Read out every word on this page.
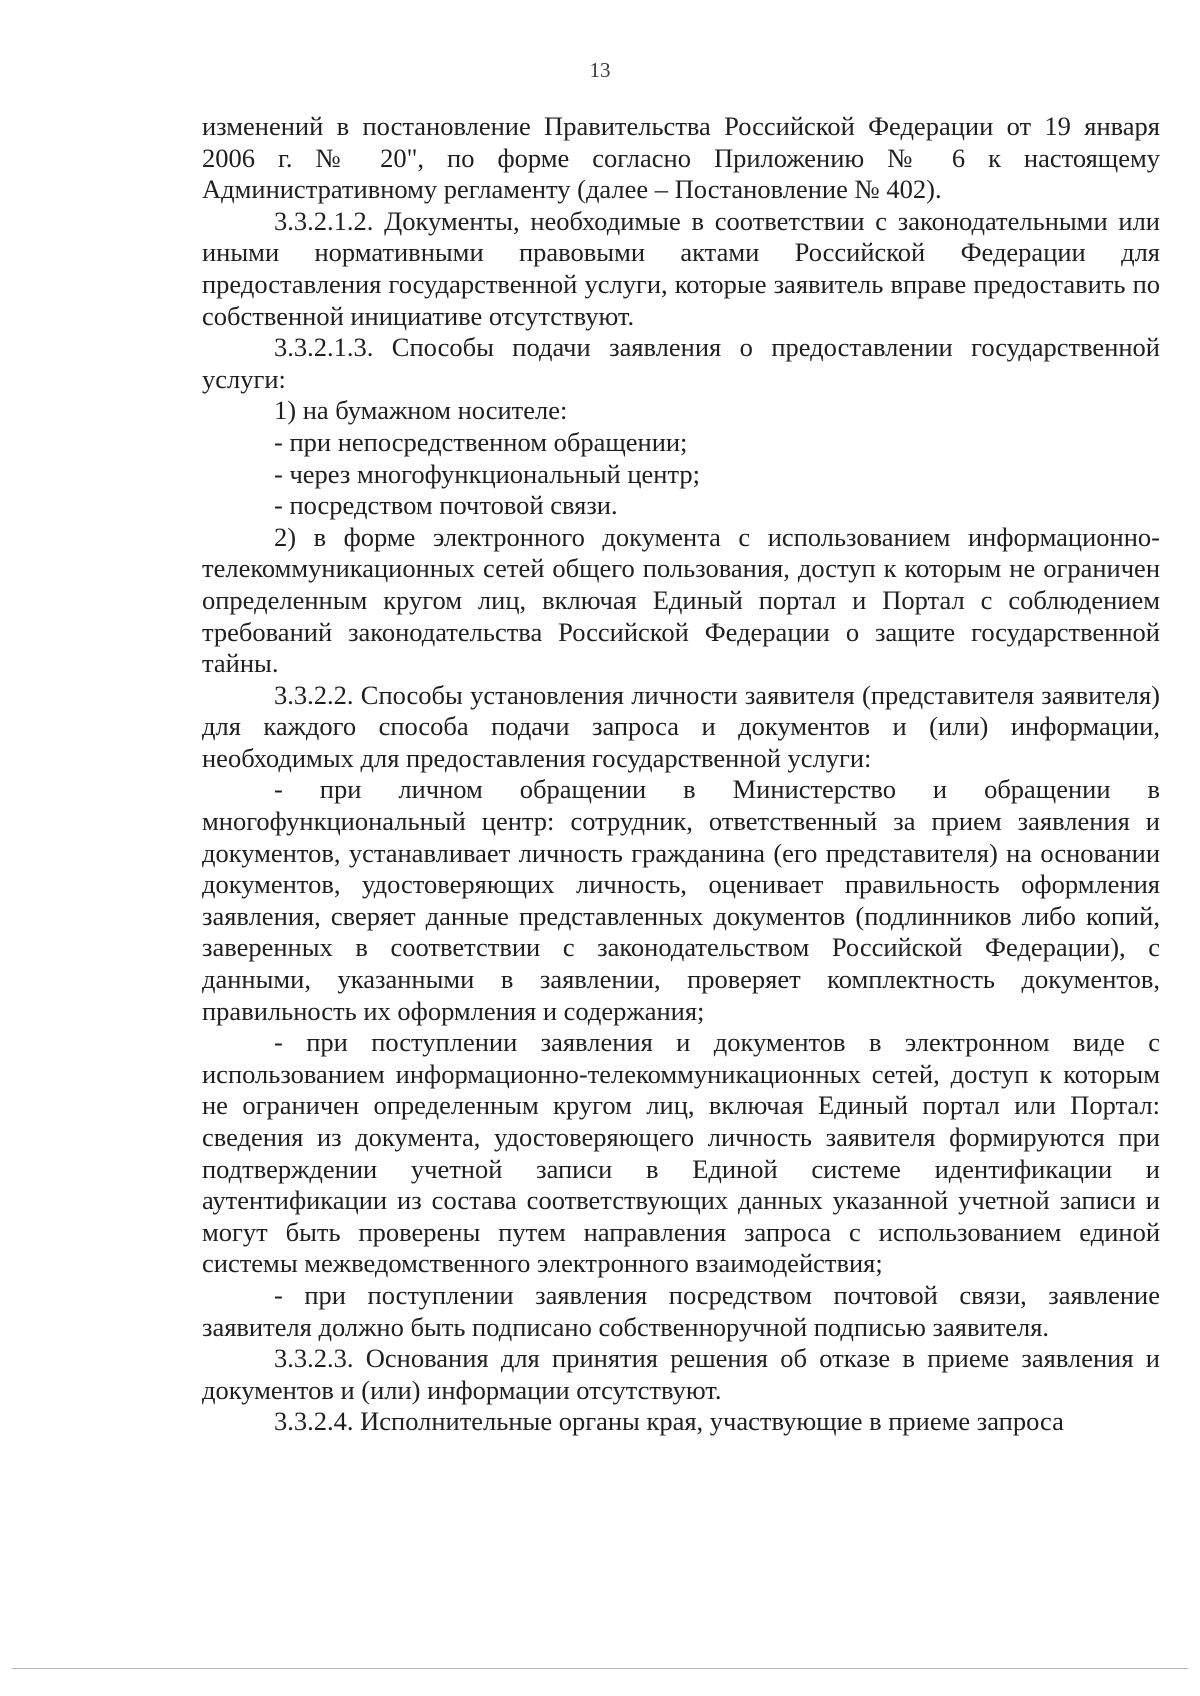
13

изменений в постановление Правительства Российской Федерации от 19 января 2006 г. № 20", по форме согласно Приложению № 6 к настоящему Административному регламенту (далее – Постановление № 402).

3.3.2.1.2. Документы, необходимые в соответствии с законодательными или иными нормативными правовыми актами Российской Федерации для предоставления государственной услуги, которые заявитель вправе предоставить по собственной инициативе отсутствуют.

3.3.2.1.3. Способы подачи заявления о предоставлении государственной услуги:

1) на бумажном носителе:

- при непосредственном обращении;

- через многофункциональный центр;

- посредством почтовой связи.

2) в форме электронного документа с использованием информационно-телекоммуникационных сетей общего пользования, доступ к которым не ограничен определенным кругом лиц, включая Единый портал и Портал с соблюдением требований законодательства Российской Федерации о защите государственной тайны.

3.3.2.2. Способы установления личности заявителя (представителя заявителя) для каждого способа подачи запроса и документов и (или) информации, необходимых для предоставления государственной услуги:

- при личном обращении в Министерство и обращении в многофункциональный центр: сотрудник, ответственный за прием заявления и документов, устанавливает личность гражданина (его представителя) на основании документов, удостоверяющих личность, оценивает правильность оформления заявления, сверяет данные представленных документов (подлинников либо копий, заверенных в соответствии с законодательством Российской Федерации), с данными, указанными в заявлении, проверяет комплектность документов, правильность их оформления и содержания;

- при поступлении заявления и документов в электронном виде с использованием информационно-телекоммуникационных сетей, доступ к которым не ограничен определенным кругом лиц, включая Единый портал или Портал: сведения из документа, удостоверяющего личность заявителя формируются при подтверждении учетной записи в Единой системе идентификации и аутентификации из состава соответствующих данных указанной учетной записи и могут быть проверены путем направления запроса с использованием единой системы межведомственного электронного взаимодействия;

- при поступлении заявления посредством почтовой связи, заявление заявителя должно быть подписано собственноручной подписью заявителя.

3.3.2.3. Основания для принятия решения об отказе в приеме заявления и документов и (или) информации отсутствуют.

3.3.2.4. Исполнительные органы края, участвующие в приеме запроса
